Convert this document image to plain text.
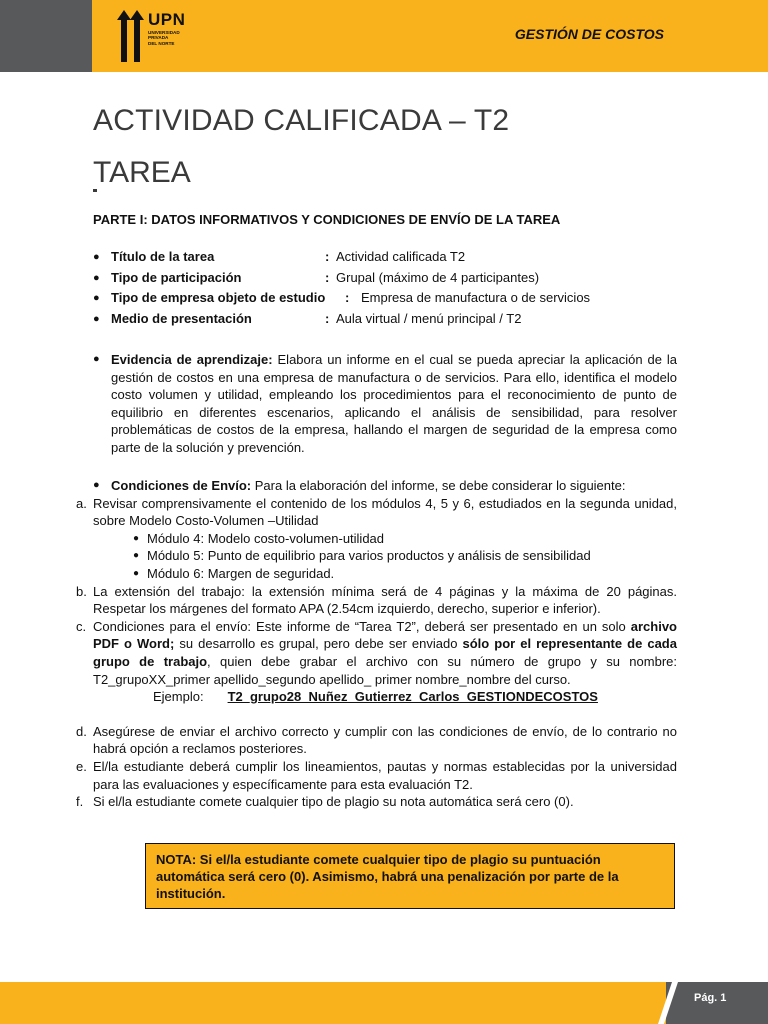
UPN
UNIVERSIDAD
PRIVADA
DEL NORTE
GESTIÓN DE COSTOS
ACTIVIDAD CALIFICADA – T2
TAREA
PARTE I: DATOS INFORMATIVOS Y CONDICIONES DE ENVÍO DE LA TAREA
● Título de la tarea	: Actividad calificada T2
● Tipo de participación	: Grupal (máximo de 4 participantes)
● Tipo de empresa objeto de estudio : Empresa de manufactura o de servicios
● Medio de presentación	: Aula virtual / menú principal / T2
● Evidencia de aprendizaje: Elabora un informe en el cual se pueda apreciar la aplicación de la gestión de costos en una empresa de manufactura o de servicios. Para ello, identifica el modelo costo volumen y utilidad, empleando los procedimientos para el reconocimiento de punto de equilibrio en diferentes escenarios, aplicando el análisis de sensibilidad, para resolver problemáticas de costos de la empresa, hallando el margen de seguridad de la empresa como parte de la solución y prevención.

● Condiciones de Envío: Para la elaboración del informe, se debe considerar lo siguiente:

a. Revisar comprensivamente el contenido de los módulos 4, 5 y 6, estudiados en la segunda unidad, sobre Modelo Costo-Volumen –Utilidad

● Módulo 4: Modelo costo-volumen-utilidad
● Módulo 5: Punto de equilibrio para varios productos y análisis de sensibilidad
● Módulo 6: Margen de seguridad.

b. La extensión del trabajo: la extensión mínima será de 4 páginas y la máxima de 20 páginas. Respetar los márgenes del formato APA (2.54cm izquierdo, derecho, superior e inferior).

c. Condiciones para el envío: Este informe de “Tarea T2”, deberá ser presentado en un solo archivo PDF o Word; su desarrollo es grupal, pero debe ser enviado sólo por el representante de cada grupo de trabajo, quien debe grabar el archivo con su número de grupo y su nombre: T2_grupoXX_primer apellido_segundo apellido_ primer nombre_nombre del curso.

Ejemplo: T2_grupo28_Nuñez_Gutierrez_Carlos_GESTIONDECOSTOS

d. Asegúrese de enviar el archivo correcto y cumplir con las condiciones de envío, de lo contrario no habrá opción a reclamos posteriores.

e. El/la estudiante deberá cumplir los lineamientos, pautas y normas establecidas por la universidad para las evaluaciones y específicamente para esta evaluación T2.

f. Si el/la estudiante comete cualquier tipo de plagio su nota automática será cero (0).

NOTA: Si el/la estudiante comete cualquier tipo de plagio su puntuación automática será cero (0). Asimismo, habrá una penalización por parte de la institución.
Pág. 1
